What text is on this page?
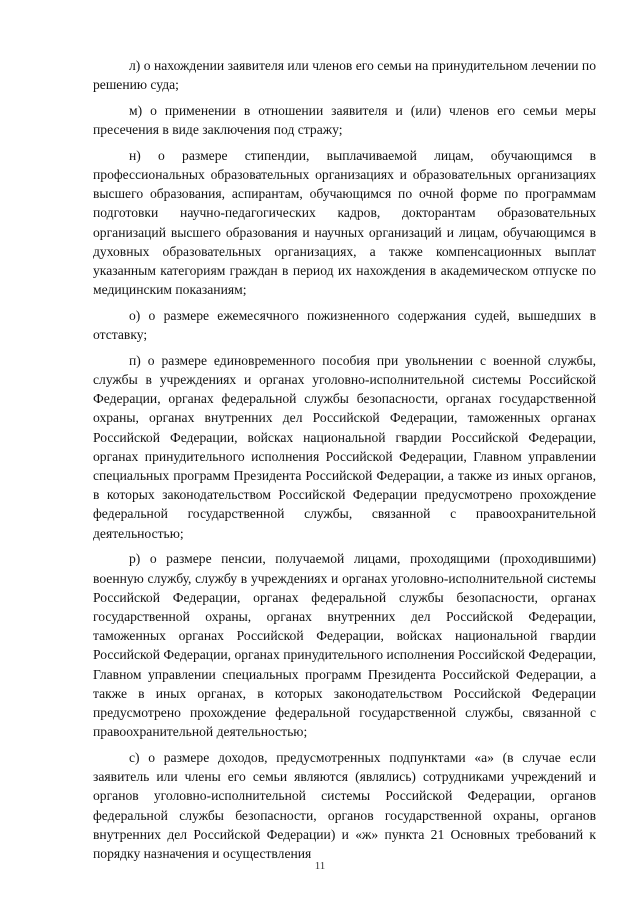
л) о нахождении заявителя или членов его семьи на принудительном лечении по решению суда;

м) о применении в отношении заявителя и (или) членов его семьи меры пресечения в виде заключения под стражу;

н) о размере стипендии, выплачиваемой лицам, обучающимся в профессиональных образовательных организациях и образовательных организациях высшего образования, аспирантам, обучающимся по очной форме по программам подготовки научно-педагогических кадров, докторантам образовательных организаций высшего образования и научных организаций и лицам, обучающимся в духовных образовательных организациях, а также компенсационных выплат указанным категориям граждан в период их нахождения в академическом отпуске по медицинским показаниям;

о) о размере ежемесячного пожизненного содержания судей, вышедших в отставку;

п) о размере единовременного пособия при увольнении с военной службы, службы в учреждениях и органах уголовно-исполнительной системы Российской Федерации, органах федеральной службы безопасности, органах государственной охраны, органах внутренних дел Российской Федерации, таможенных органах Российской Федерации, войсках национальной гвардии Российской Федерации, органах принудительного исполнения Российской Федерации, Главном управлении специальных программ Президента Российской Федерации, а также из иных органов, в которых законодательством Российской Федерации предусмотрено прохождение федеральной государственной службы, связанной с правоохранительной деятельностью;

р) о размере пенсии, получаемой лицами, проходящими (проходившими) военную службу, службу в учреждениях и органах уголовно-исполнительной системы Российской Федерации, органах федеральной службы безопасности, органах государственной охраны, органах внутренних дел Российской Федерации, таможенных органах Российской Федерации, войсках национальной гвардии Российской Федерации, органах принудительного исполнения Российской Федерации, Главном управлении специальных программ Президента Российской Федерации, а также в иных органах, в которых законодательством Российской Федерации предусмотрено прохождение федеральной государственной службы, связанной с правоохранительной деятельностью;

с) о размере доходов, предусмотренных подпунктами «а» (в случае если заявитель или члены его семьи являются (являлись) сотрудниками учреждений и органов уголовно-исполнительной системы Российской Федерации, органов федеральной службы безопасности, органов государственной охраны, органов внутренних дел Российской Федерации) и «ж» пункта 21 Основных требований к порядку назначения и осуществления

11
